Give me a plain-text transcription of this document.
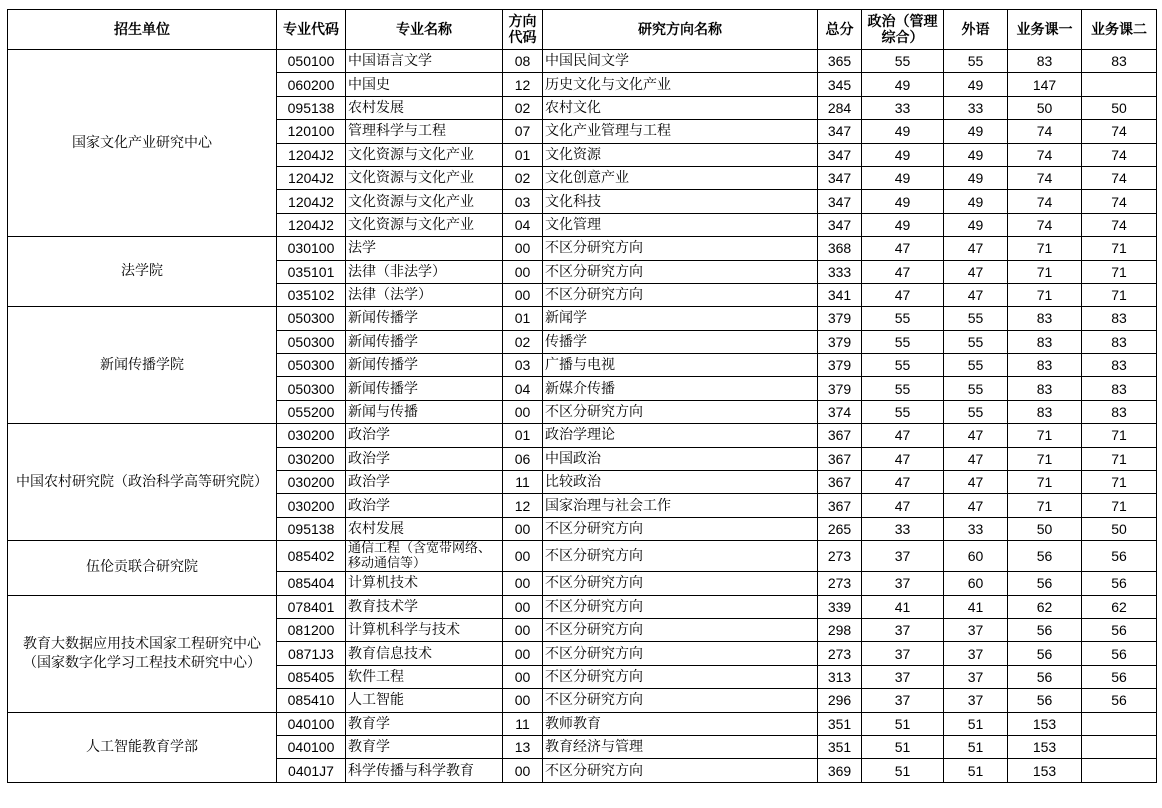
招生单位	专业代码	专业名称	方向代码	研究方向名称	总分	政治（管理综合）	外语	业务课一	业务课二
国家文化产业研究中心	050100	中国语言文学	08	中国民间文学	365	55	55	83	83
	060200	中国史	12	历史文化与文化产业	345	49	49	147	
	095138	农村发展	02	农村文化	284	33	33	50	50
	120100	管理科学与工程	07	文化产业管理与工程	347	49	49	74	74
	1204J2	文化资源与文化产业	01	文化资源	347	49	49	74	74
	1204J2	文化资源与文化产业	02	文化创意产业	347	49	49	74	74
	1204J2	文化资源与文化产业	03	文化科技	347	49	49	74	74
	1204J2	文化资源与文化产业	04	文化管理	347	49	49	74	74
法学院	030100	法学	00	不区分研究方向	368	47	47	71	71
	035101	法律（非法学）	00	不区分研究方向	333	47	47	71	71
	035102	法律（法学）	00	不区分研究方向	341	47	47	71	71
新闻传播学院	050300	新闻传播学	01	新闻学	379	55	55	83	83
	050300	新闻传播学	02	传播学	379	55	55	83	83
	050300	新闻传播学	03	广播与电视	379	55	55	83	83
	050300	新闻传播学	04	新媒介传播	379	55	55	83	83
	055200	新闻与传播	00	不区分研究方向	374	55	55	83	83
中国农村研究院（政治科学高等研究院）	030200	政治学	01	政治学理论	367	47	47	71	71
	030200	政治学	06	中国政治	367	47	47	71	71
	030200	政治学	11	比较政治	367	47	47	71	71
	030200	政治学	12	国家治理与社会工作	367	47	47	71	71
	095138	农村发展	00	不区分研究方向	265	33	33	50	50
伍伦贡联合研究院	085402	通信工程（含宽带网络、移动通信等）	00	不区分研究方向	273	37	60	56	56
	085404	计算机技术	00	不区分研究方向	273	37	60	56	56
教育大数据应用技术国家工程研究中心（国家数字化学习工程技术研究中心）	078401	教育技术学	00	不区分研究方向	339	41	41	62	62
	081200	计算机科学与技术	00	不区分研究方向	298	37	37	56	56
	0871J3	教育信息技术	00	不区分研究方向	273	37	37	56	56
	085405	软件工程	00	不区分研究方向	313	37	37	56	56
	085410	人工智能	00	不区分研究方向	296	37	37	56	56
人工智能教育学部	040100	教育学	11	教师教育	351	51	51	153	
	040100	教育学	13	教育经济与管理	351	51	51	153	
	0401J7	科学传播与科学教育	00	不区分研究方向	369	51	51	153	
